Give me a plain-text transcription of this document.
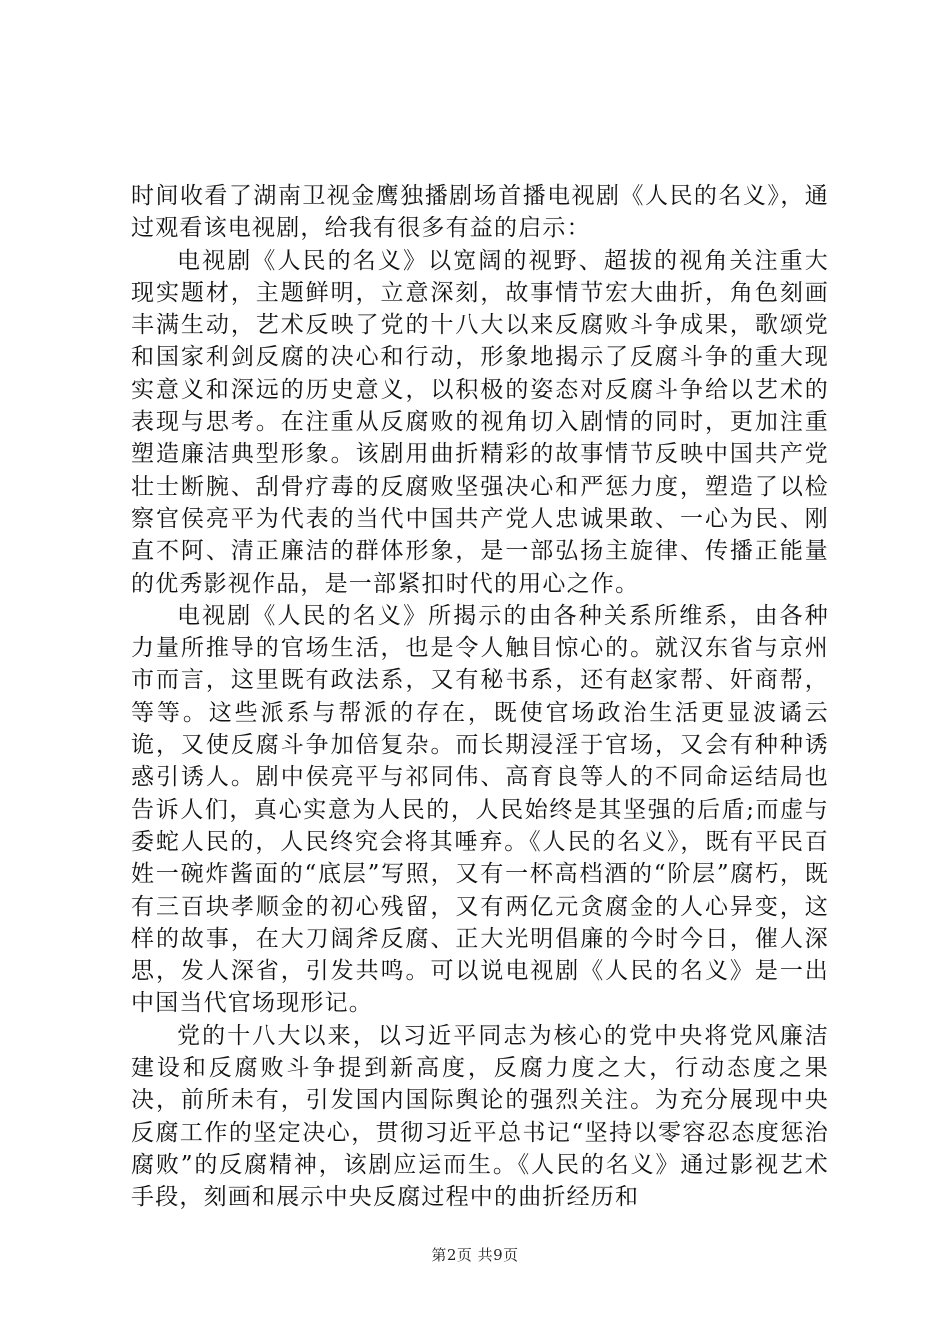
时间收看了湖南卫视金鹰独播剧场首播电视剧《人民的名义》，通过观看该电视剧，给我有很多有益的启示：

电视剧《人民的名义》以宽阔的视野、超拔的视角关注重大现实题材，主题鲜明，立意深刻，故事情节宏大曲折，角色刻画丰满生动，艺术反映了党的十八大以来反腐败斗争成果，歌颂党和国家利剑反腐的决心和行动，形象地揭示了反腐斗争的重大现实意义和深远的历史意义，以积极的姿态对反腐斗争给以艺术的表现与思考。在注重从反腐败的视角切入剧情的同时，更加注重塑造廉洁典型形象。该剧用曲折精彩的故事情节反映中国共产党壮士断腕、刮骨疗毒的反腐败坚强决心和严惩力度，塑造了以检察官侯亮平为代表的当代中国共产党人忠诚果敢、一心为民、刚直不阿、清正廉洁的群体形象，是一部弘扬主旋律、传播正能量的优秀影视作品，是一部紧扣时代的用心之作。

电视剧《人民的名义》所揭示的由各种关系所维系，由各种力量所推导的官场生活，也是令人触目惊心的。就汉东省与京州市而言，这里既有政法系，又有秘书系，还有赵家帮、奸商帮，等等。这些派系与帮派的存在，既使官场政治生活更显波谲云诡，又使反腐斗争加倍复杂。而长期浸淫于官场，又会有种种诱惑引诱人。剧中侯亮平与祁同伟、高育良等人的不同命运结局也告诉人们，真心实意为人民的，人民始终是其坚强的后盾;而虚与委蛇人民的，人民终究会将其唾弃。《人民的名义》，既有平民百姓一碗炸酱面的“底层”写照，又有一杯高档酒的“阶层”腐朽，既有三百块孝顺金的初心残留，又有两亿元贪腐金的人心异变，这样的故事，在大刀阔斧反腐、正大光明倡廉的今时今日，催人深思，发人深省，引发共鸣。可以说电视剧《人民的名义》是一出中国当代官场现形记。

党的十八大以来，以习近平同志为核心的党中央将党风廉洁建设和反腐败斗争提到新高度，反腐力度之大，行动态度之果决，前所未有，引发国内国际舆论的强烈关注。为充分展现中央反腐工作的坚定决心，贯彻习近平总书记“坚持以零容忍态度惩治腐败”的反腐精神，该剧应运而生。《人民的名义》通过影视艺术手段，刻画和展示中央反腐过程中的曲折经历和

第2页 共9页
